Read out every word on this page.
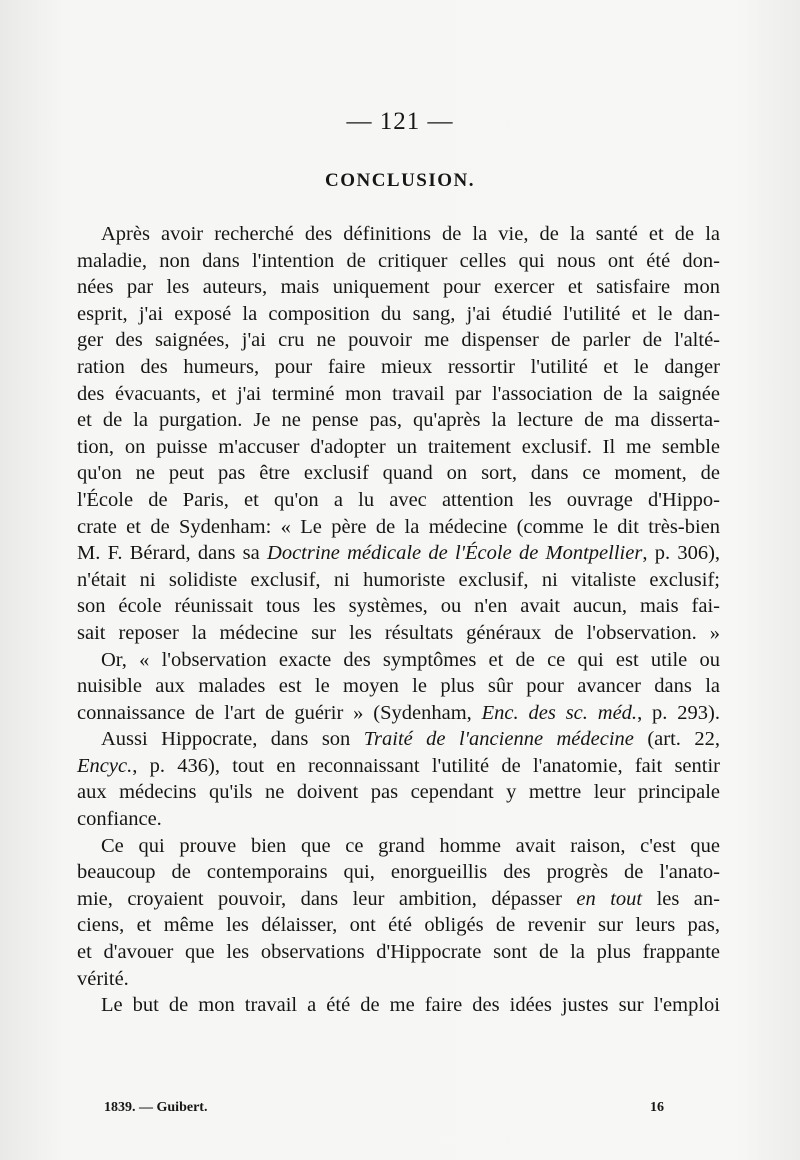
— 121 —
CONCLUSION.
Après avoir recherché des définitions de la vie, de la santé et de la
maladie, non dans l'intention de critiquer celles qui nous ont été don-
nées par les auteurs, mais uniquement pour exercer et satisfaire mon
esprit, j'ai exposé la composition du sang, j'ai étudié l'utilité et le dan-
ger des saignées, j'ai cru ne pouvoir me dispenser de parler de l'alté-
ration des humeurs, pour faire mieux ressortir l'utilité et le danger
des évacuants, et j'ai terminé mon travail par l'association de la saignée
et de la purgation. Je ne pense pas, qu'après la lecture de ma disserta-
tion, on puisse m'accuser d'adopter un traitement exclusif. Il me semble
qu'on ne peut pas être exclusif quand on sort, dans ce moment, de
l'École de Paris, et qu'on a lu avec attention les ouvrage d'Hippo-
crate et de Sydenham: « Le père de la médecine (comme le dit très-bien
M. F. Bérard, dans sa Doctrine médicale de l'École de Montpellier, p. 306),
n'était ni solidiste exclusif, ni humoriste exclusif, ni vitaliste exclusif;
son école réunissait tous les systèmes, ou n'en avait aucun, mais fai-
sait reposer la médecine sur les résultats généraux de l'observation. »
Or, « l'observation exacte des symptômes et de ce qui est utile ou
nuisible aux malades est le moyen le plus sûr pour avancer dans la
connaissance de l'art de guérir » (Sydenham, Enc. des sc. méd., p. 293).
Aussi Hippocrate, dans son Traité de l'ancienne médecine (art. 22,
Encyc., p. 436), tout en reconnaissant l'utilité de l'anatomie, fait sentir
aux médecins qu'ils ne doivent pas cependant y mettre leur principale
confiance.
Ce qui prouve bien que ce grand homme avait raison, c'est que
beaucoup de contemporains qui, enorgueillis des progrès de l'anato-
mie, croyaient pouvoir, dans leur ambition, dépasser en tout les an-
ciens, et même les délaisser, ont été obligés de revenir sur leurs pas,
et d'avouer que les observations d'Hippocrate sont de la plus frappante
vérité.
Le but de mon travail a été de me faire des idées justes sur l'emploi
1839. — Guibert.	16
